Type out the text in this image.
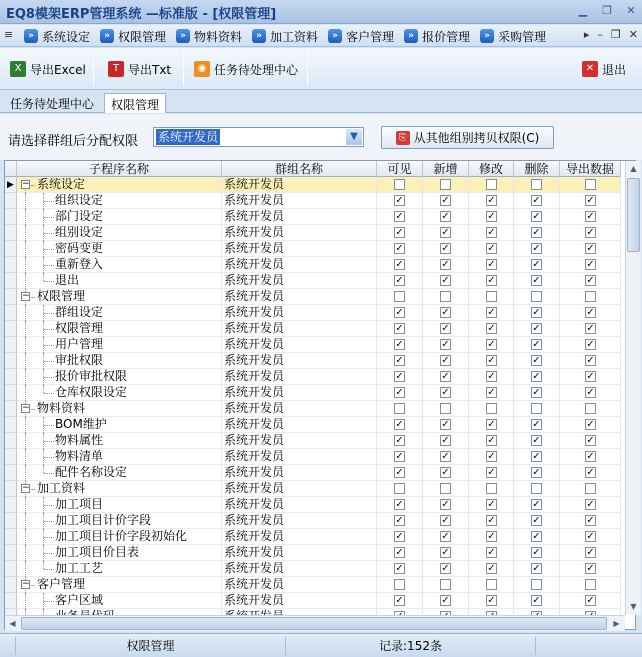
EQ8模架ERP管理系统 —标准版 - [权限管理]	▁ ❐ ✕
≡	» 系统设定	» 权限管理	» 物料资料	» 加工资料	» 客户管理	» 报价管理	» 采购管理	▸ – ❐ ✕
X 导出Excel	T 导出Txt	◉ 任务待处理中心	✕ 退出
任务待处理中心	权限管理
请选择群组后分配权限 系统开发员	▼	⎘ 从其他组别拷贝权限(C)
子程序名称	群组名称	可见	新增	修改	删除	导出数据
▶ − 系统设定	系统开发员
组织设定	系统开发员	✓	✓	✓	✓	✓
部门设定	系统开发员	✓	✓	✓	✓	✓
组别设定	系统开发员	✓	✓	✓	✓	✓
密码变更	系统开发员	✓	✓	✓	✓	✓
重新登入	系统开发员	✓	✓	✓	✓	✓
退出	系统开发员	✓	✓	✓	✓	✓
− 权限管理	系统开发员
群组设定	系统开发员	✓	✓	✓	✓	✓
权限管理	系统开发员	✓	✓	✓	✓	✓
用户管理	系统开发员	✓	✓	✓	✓	✓
审批权限	系统开发员	✓	✓	✓	✓	✓
报价审批权限	系统开发员	✓	✓	✓	✓	✓
仓库权限设定	系统开发员	✓	✓	✓	✓	✓
− 物料资料	系统开发员
BOM维护	系统开发员	✓	✓	✓	✓	✓
物料属性	系统开发员	✓	✓	✓	✓	✓
物料清单	系统开发员	✓	✓	✓	✓	✓
配件名称设定	系统开发员	✓	✓	✓	✓	✓
− 加工资料	系统开发员
加工项目	系统开发员	✓	✓	✓	✓	✓
加工项目计价字段	系统开发员	✓	✓	✓	✓	✓
加工项目计价字段初始化	系统开发员	✓	✓	✓	✓	✓
加工项目价目表	系统开发员	✓	✓	✓	✓	✓
加工工艺	系统开发员	✓	✓	✓	✓	✓
− 客户管理	系统开发员
客户区域	系统开发员	✓	✓	✓	✓	✓
▲
▼
◀	▶
权限管理	记录:152条
